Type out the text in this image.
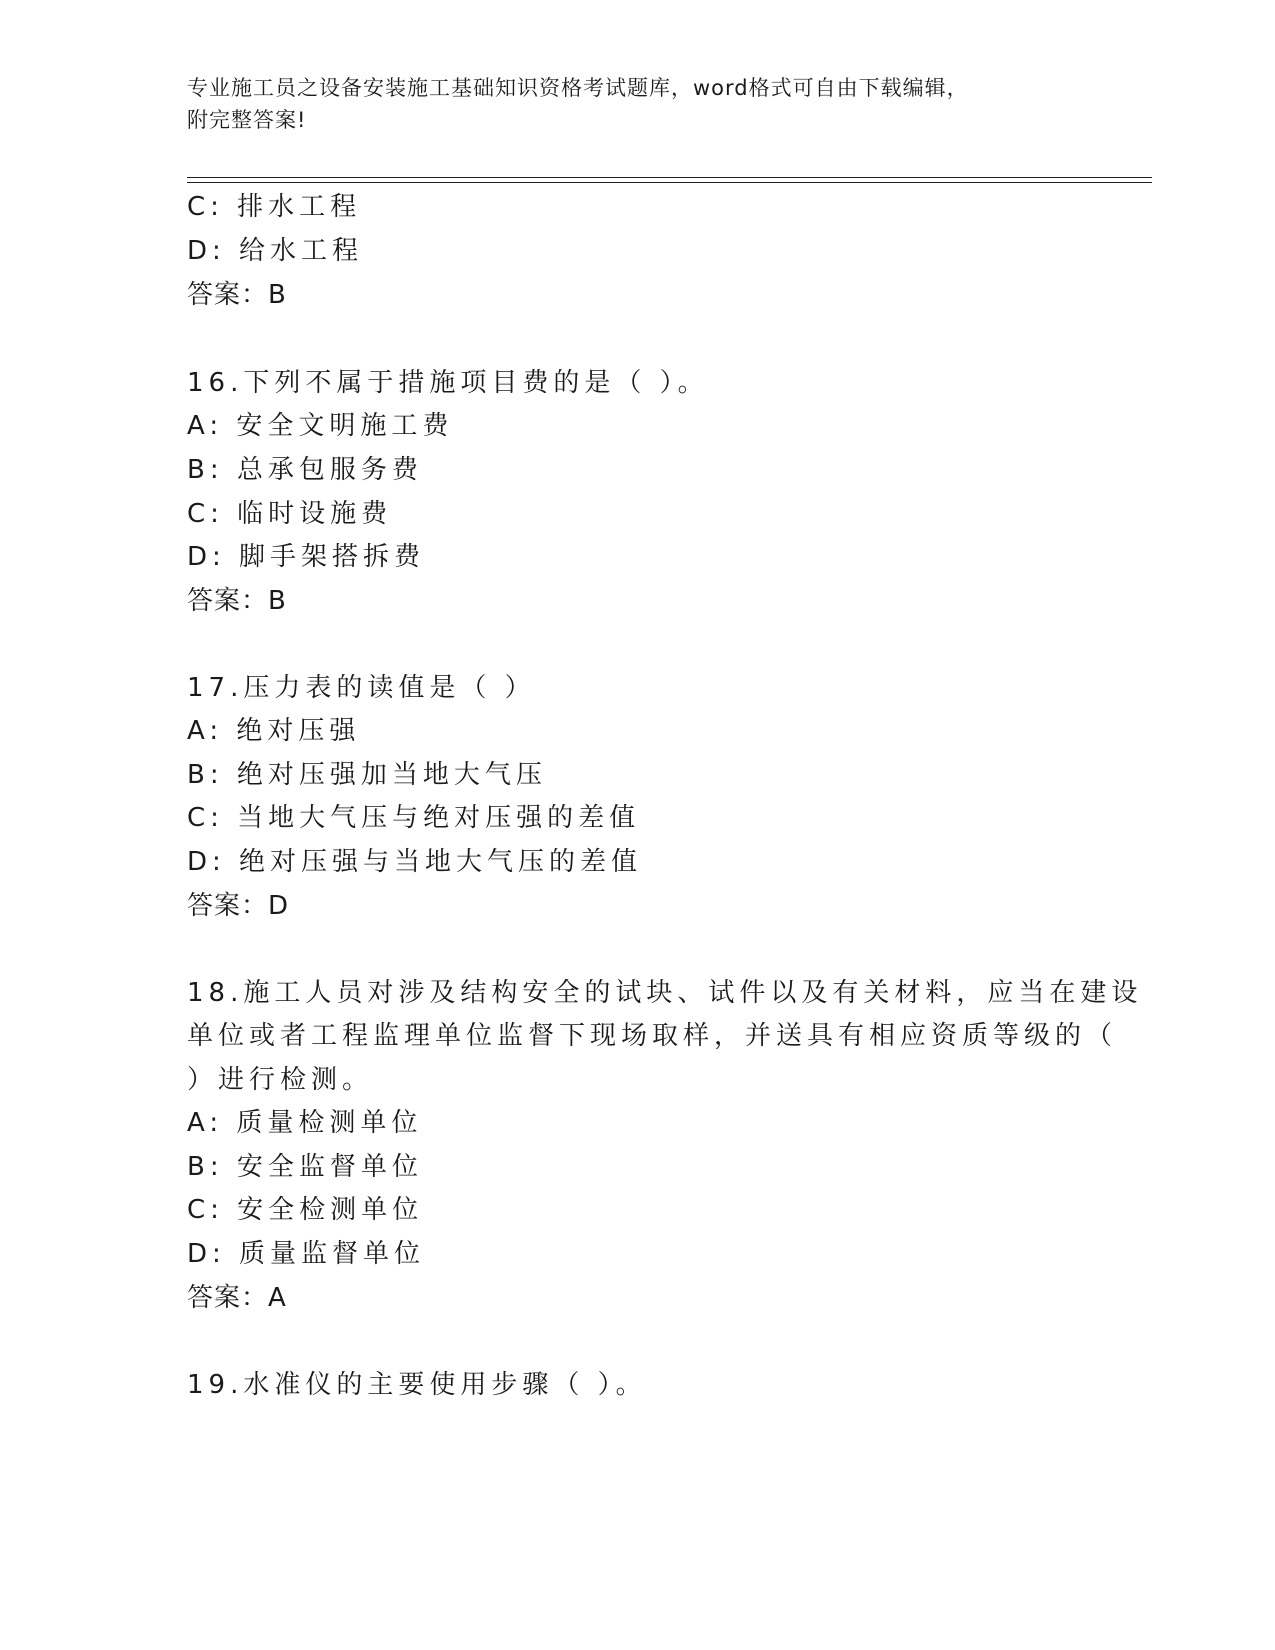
专业施工员之设备安装施工基础知识资格考试题库，word格式可自由下载编辑，
附完整答案!
C: 排水工程
D: 给水工程
答案：B
16.下列不属于措施项目费的是（ ）。
A: 安全文明施工费
B: 总承包服务费
C: 临时设施费
D: 脚手架搭拆费
答案：B
17.压力表的读值是（ ）
A: 绝对压强
B: 绝对压强加当地大气压
C: 当地大气压与绝对压强的差值
D: 绝对压强与当地大气压的差值
答案：D
18.施工人员对涉及结构安全的试块、试件以及有关材料，应当在建设
单位或者工程监理单位监督下现场取样，并送具有相应资质等级的（
）进行检测。
A: 质量检测单位
B: 安全监督单位
C: 安全检测单位
D: 质量监督单位
答案：A
19.水准仪的主要使用步骤（ ）。
